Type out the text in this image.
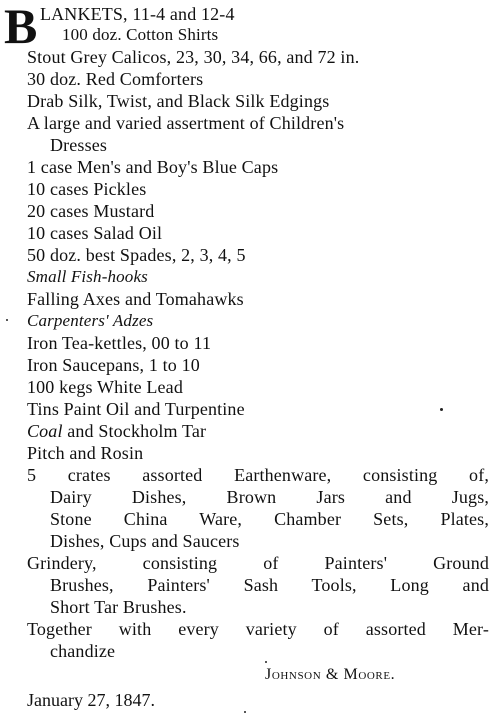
B LANKETS, 11-4 and 12-4
100 doz. Cotton Shirts
Stout Grey Calicos, 23, 30, 34, 66, and 72 in.
30 doz. Red Comforters
Drab Silk, Twist, and Black Silk Edgings
A large and varied assertment of Children's
Dresses
1 case Men's and Boy's Blue Caps
10 cases Pickles
20 cases Mustard
10 cases Salad Oil
50 doz. best Spades, 2, 3, 4, 5
Small Fish-hooks
Falling Axes and Tomahawks
Carpenters' Adzes
Iron Tea-kettles, 00 to 11
Iron Saucepans, 1 to 10
100 kegs White Lead
Tins Paint Oil and Turpentine
Coal and Stockholm Tar
Pitch and Rosin
5 crates assorted Earthenware, consisting of,
Dairy Dishes, Brown Jars and Jugs,
Stone China Ware, Chamber Sets, Plates,
Dishes, Cups and Saucers
Grindery, consisting of Painters' Ground
Brushes, Painters' Sash Tools, Long and
Short Tar Brushes.
Together with every variety of assorted Mer-
chandize
Johnson & Moore.
January 27, 1847.
